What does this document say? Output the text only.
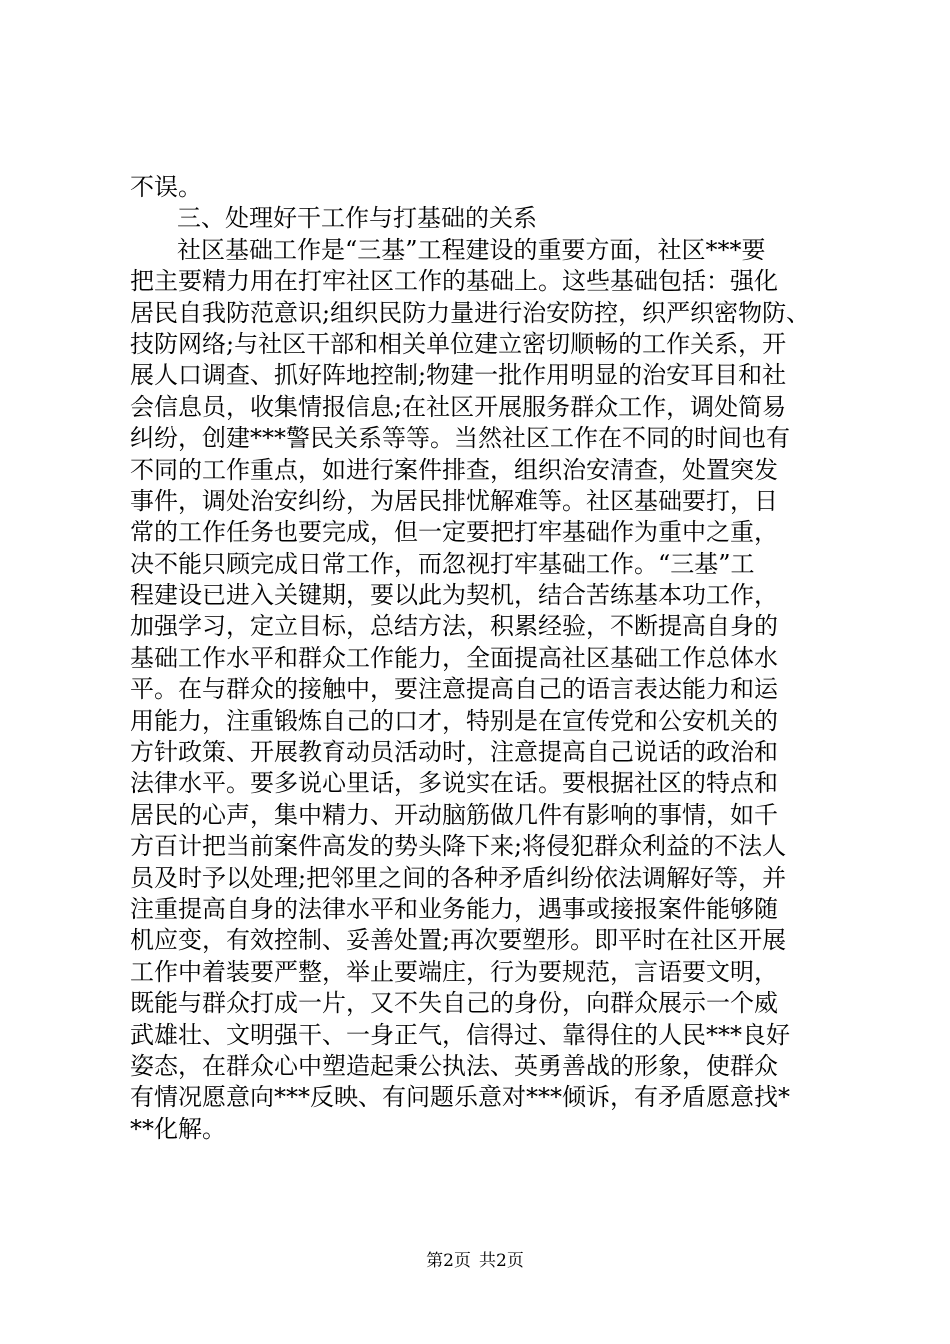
不误。
三、处理好干工作与打基础的关系
社区基础工作是“三基”工程建设的重要方面，社区***要
把主要精力用在打牢社区工作的基础上。这些基础包括：强化
居民自我防范意识;组织民防力量进行治安防控，织严织密物防、
技防网络;与社区干部和相关单位建立密切顺畅的工作关系，开
展人口调查、抓好阵地控制;物建一批作用明显的治安耳目和社
会信息员，收集情报信息;在社区开展服务群众工作，调处简易
纠纷，创建***警民关系等等。当然社区工作在不同的时间也有
不同的工作重点，如进行案件排查，组织治安清查，处置突发
事件，调处治安纠纷，为居民排忧解难等。社区基础要打，日
常的工作任务也要完成，但一定要把打牢基础作为重中之重，
决不能只顾完成日常工作，而忽视打牢基础工作。“三基”工
程建设已进入关键期，要以此为契机，结合苦练基本功工作，
加强学习，定立目标，总结方法，积累经验，不断提高自身的
基础工作水平和群众工作能力，全面提高社区基础工作总体水
平。在与群众的接触中，要注意提高自己的语言表达能力和运
用能力，注重锻炼自己的口才，特别是在宣传党和公安机关的
方针政策、开展教育动员活动时，注意提高自己说话的政治和
法律水平。要多说心里话，多说实在话。要根据社区的特点和
居民的心声，集中精力、开动脑筋做几件有影响的事情，如千
方百计把当前案件高发的势头降下来;将侵犯群众利益的不法人
员及时予以处理;把邻里之间的各种矛盾纠纷依法调解好等，并
注重提高自身的法律水平和业务能力，遇事或接报案件能够随
机应变，有效控制、妥善处置;再次要塑形。即平时在社区开展
工作中着装要严整，举止要端庄，行为要规范，言语要文明，
既能与群众打成一片，又不失自己的身份，向群众展示一个威
武雄壮、文明强干、一身正气，信得过、靠得住的人民***良好
姿态，在群众心中塑造起秉公执法、英勇善战的形象，使群众
有情况愿意向***反映、有问题乐意对***倾诉，有矛盾愿意找*
**化解。
第2页 共2页
